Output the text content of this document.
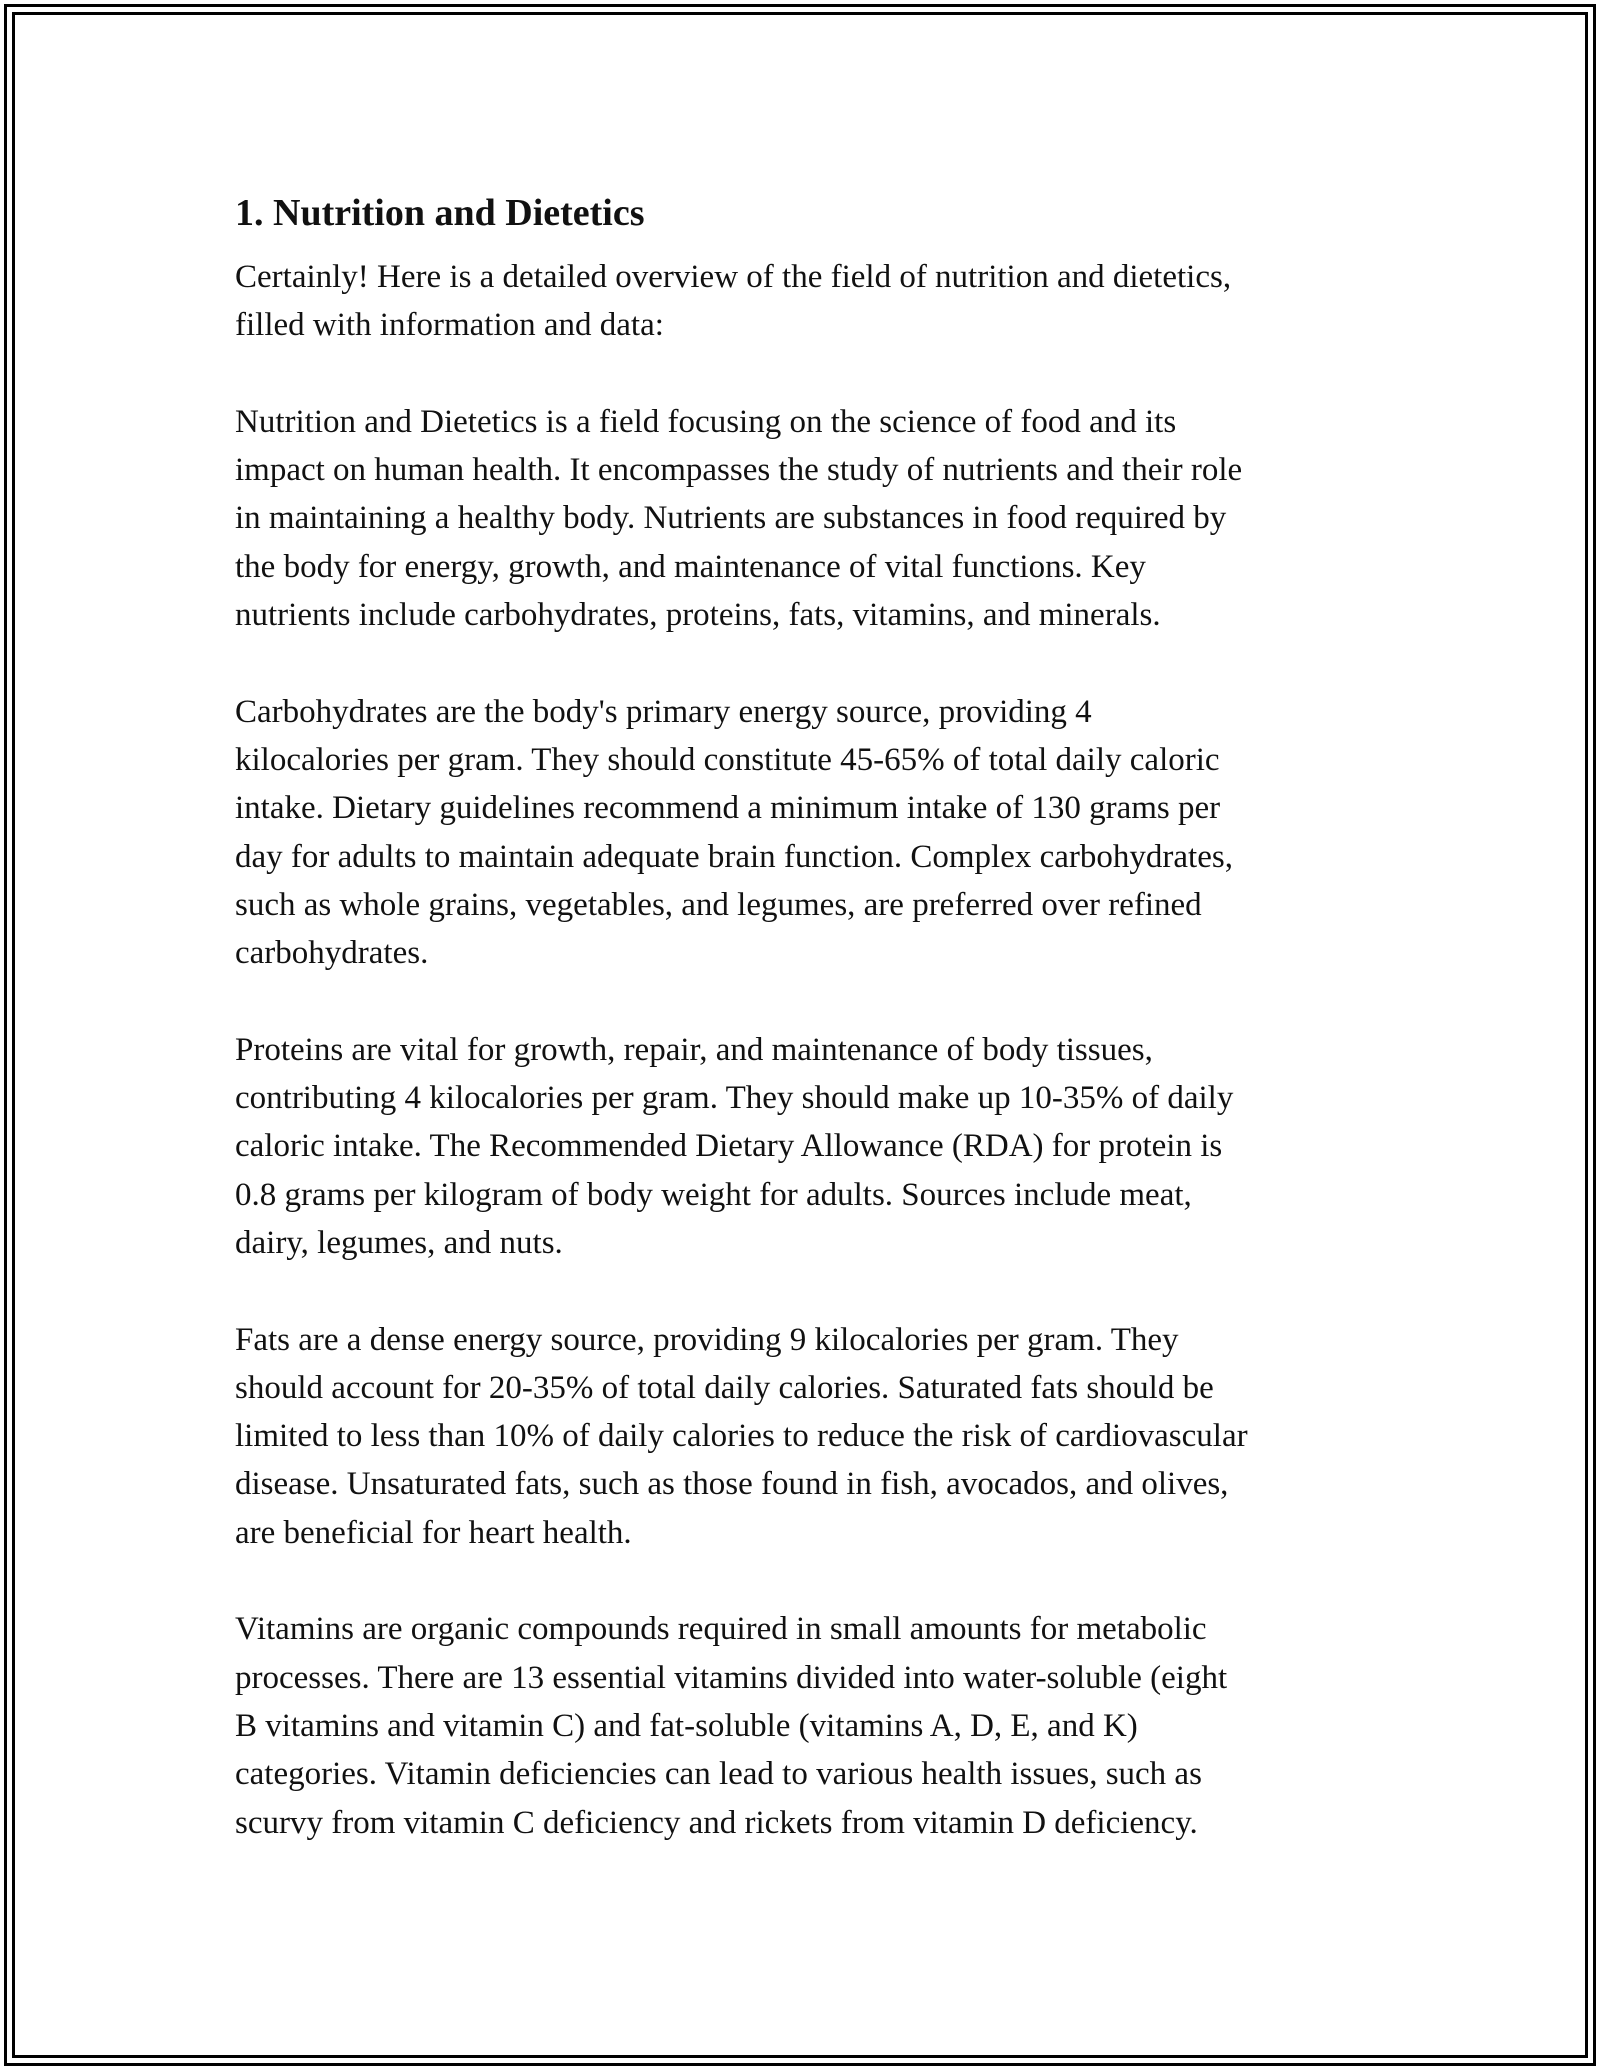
1. Nutrition and Dietetics

Certainly! Here is a detailed overview of the field of nutrition and dietetics,
filled with information and data:

Nutrition and Dietetics is a field focusing on the science of food and its
impact on human health. It encompasses the study of nutrients and their role
in maintaining a healthy body. Nutrients are substances in food required by
the body for energy, growth, and maintenance of vital functions. Key
nutrients include carbohydrates, proteins, fats, vitamins, and minerals.

Carbohydrates are the body's primary energy source, providing 4
kilocalories per gram. They should constitute 45-65% of total daily caloric
intake. Dietary guidelines recommend a minimum intake of 130 grams per
day for adults to maintain adequate brain function. Complex carbohydrates,
such as whole grains, vegetables, and legumes, are preferred over refined
carbohydrates.

Proteins are vital for growth, repair, and maintenance of body tissues,
contributing 4 kilocalories per gram. They should make up 10-35% of daily
caloric intake. The Recommended Dietary Allowance (RDA) for protein is
0.8 grams per kilogram of body weight for adults. Sources include meat,
dairy, legumes, and nuts.

Fats are a dense energy source, providing 9 kilocalories per gram. They
should account for 20-35% of total daily calories. Saturated fats should be
limited to less than 10% of daily calories to reduce the risk of cardiovascular
disease. Unsaturated fats, such as those found in fish, avocados, and olives,
are beneficial for heart health.

Vitamins are organic compounds required in small amounts for metabolic
processes. There are 13 essential vitamins divided into water-soluble (eight
B vitamins and vitamin C) and fat-soluble (vitamins A, D, E, and K)
categories. Vitamin deficiencies can lead to various health issues, such as
scurvy from vitamin C deficiency and rickets from vitamin D deficiency.
